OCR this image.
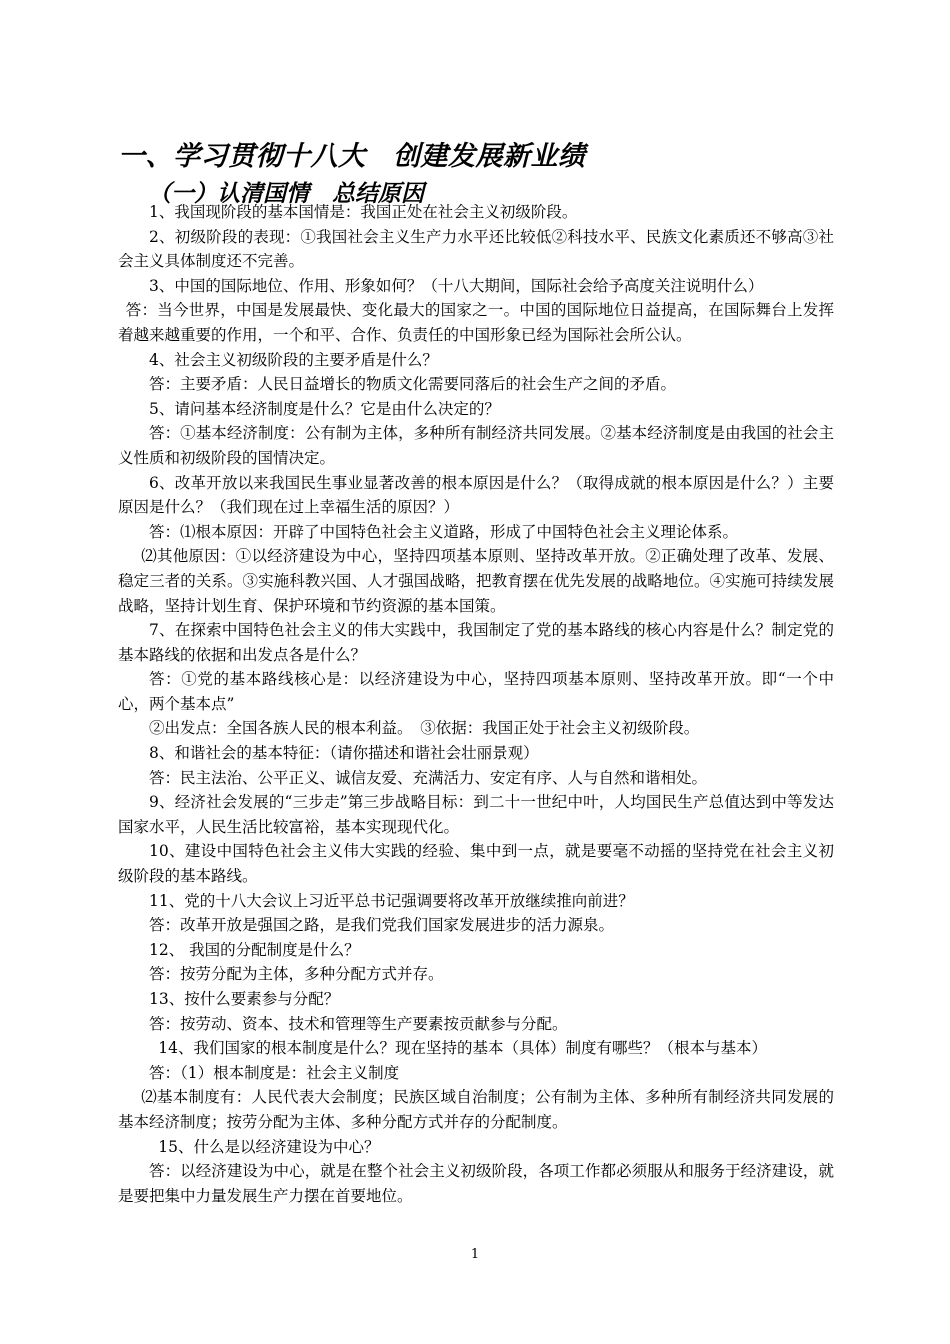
一、学习贯彻十八大　创建发展新业绩
（一）认清国情　总结原因

1、我国现阶段的基本国情是：我国正处在社会主义初级阶段。

2、初级阶段的表现：①我国社会主义生产力水平还比较低②科技水平、民族文化素质还不够高③社会主义具体制度还不完善。

3、中国的国际地位、作用、形象如何？（十八大期间，国际社会给予高度关注说明什么）

答：当今世界，中国是发展最快、变化最大的国家之一。中国的国际地位日益提高，在国际舞台上发挥着越来越重要的作用，一个和平、合作、负责任的中国形象已经为国际社会所公认。

4、社会主义初级阶段的主要矛盾是什么？

答：主要矛盾：人民日益增长的物质文化需要同落后的社会生产之间的矛盾。

5、请问基本经济制度是什么？它是由什么决定的？

答：①基本经济制度：公有制为主体，多种所有制经济共同发展。②基本经济制度是由我国的社会主义性质和初级阶段的国情决定。

6、改革开放以来我国民生事业显著改善的根本原因是什么？（取得成就的根本原因是什么？）主要原因是什么？（我们现在过上幸福生活的原因？）

答：⑴根本原因：开辟了中国特色社会主义道路，形成了中国特色社会主义理论体系。

⑵其他原因：①以经济建设为中心，坚持四项基本原则、坚持改革开放。②正确处理了改革、发展、稳定三者的关系。③实施科教兴国、人才强国战略，把教育摆在优先发展的战略地位。④实施可持续发展战略，坚持计划生育、保护环境和节约资源的基本国策。

7、在探索中国特色社会主义的伟大实践中，我国制定了党的基本路线的核心内容是什么？制定党的基本路线的依据和出发点各是什么？

答：①党的基本路线核心是：以经济建设为中心，坚持四项基本原则、坚持改革开放。即“一个中心，两个基本点”

②出发点：全国各族人民的根本利益。　③依据：我国正处于社会主义初级阶段。

8、和谐社会的基本特征：（请你描述和谐社会壮丽景观）

答：民主法治、公平正义、诚信友爱、充满活力、安定有序、人与自然和谐相处。

9、经济社会发展的“三步走”第三步战略目标：到二十一世纪中叶，人均国民生产总值达到中等发达国家水平，人民生活比较富裕，基本实现现代化。

10、建设中国特色社会主义伟大实践的经验、集中到一点，就是要毫不动摇的坚持党在社会主义初级阶段的基本路线。

11、党的十八大会议上习近平总书记强调要将改革开放继续推向前进？

答：改革开放是强国之路，是我们党我们国家发展进步的活力源泉。

12、 我国的分配制度是什么？

答：按劳分配为主体，多种分配方式并存。

13、按什么要素参与分配？

答：按劳动、资本、技术和管理等生产要素按贡献参与分配。

14、我们国家的根本制度是什么？现在坚持的基本（具体）制度有哪些？（根本与基本）

答：（1）根本制度是：社会主义制度

⑵基本制度有：人民代表大会制度；民族区域自治制度；公有制为主体、多种所有制经济共同发展的基本经济制度；按劳分配为主体、多种分配方式并存的分配制度。

15、什么是以经济建设为中心？

答：以经济建设为中心，就是在整个社会主义初级阶段，各项工作都必须服从和服务于经济建设，就是要把集中力量发展生产力摆在首要地位。

1
